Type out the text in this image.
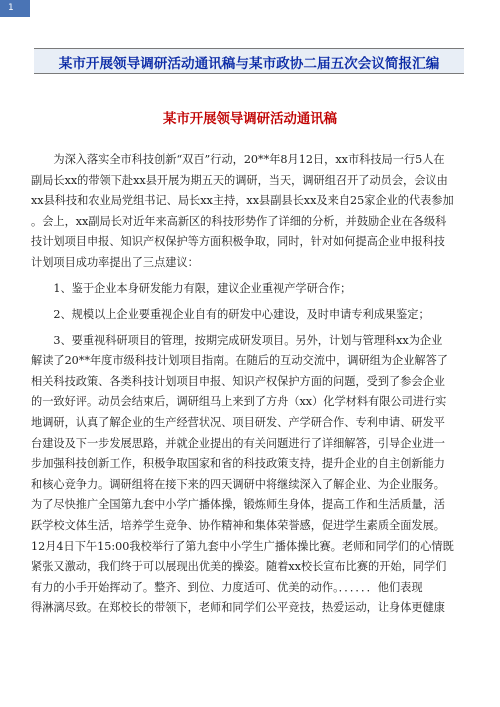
1
某市开展领导调研活动通讯稿与某市政协二届五次会议简报汇编
某市开展领导调研活动通讯稿
　　为深入落实全市科技创新“双百”行动，20**年8月12日，xx市科技局一行5人在
副局长xx的带领下赴xx县开展为期五天的调研，当天，调研组召开了动员会，会议由
xx县科技和农业局党组书记、局长xx主持，xx县副县长xx及来自25家企业的代表参加
。会上，xx副局长对近年来高新区的科技形势作了详细的分析，并鼓励企业在各级科
技计划项目申报、知识产权保护等方面积极争取，同时，针对如何提高企业申报科技
计划项目成功率提出了三点建议：
　　1、鉴于企业本身研发能力有限，建议企业重视产学研合作；
　　2、规模以上企业要重视企业自有的研发中心建设，及时申请专利成果鉴定；
　　3、要重视科研项目的管理，按期完成研发项目。另外，计划与管理科xx为企业
解读了20**年度市级科技计划项目指南。在随后的互动交流中，调研组为企业解答了
相关科技政策、各类科技计划项目申报、知识产权保护方面的问题，受到了参会企业
的一致好评。动员会结束后，调研组马上来到了方舟（xx）化学材料有限公司进行实
地调研，认真了解企业的生产经营状况、项目研发、产学研合作、专利申请、研发平
台建设及下一步发展思路，并就企业提出的有关问题进行了详细解答，引导企业进一
步加强科技创新工作，积极争取国家和省的科技政策支持，提升企业的自主创新能力
和核心竞争力。调研组将在接下来的四天调研中将继续深入了解企业、为企业服务。
为了尽快推广全国第九套中小学广播体操，锻炼师生身体，提高工作和生活质量，活
跃学校文体生活，培养学生竞争、协作精神和集体荣誉感，促进学生素质全面发展。
12月4日下午15:00我校举行了第九套中小学生广播体操比赛。老师和同学们的心情既
紧张又激动，我们终于可以展现出优美的操姿。随着xx校长宣布比赛的开始，同学们
有力的小手开始挥动了。整齐、到位、力度适可、优美的动作。．．．．．．他们表现
得淋漓尽致。在郑校长的带领下，老师和同学们公平竞技，热爱运动，让身体更健康
